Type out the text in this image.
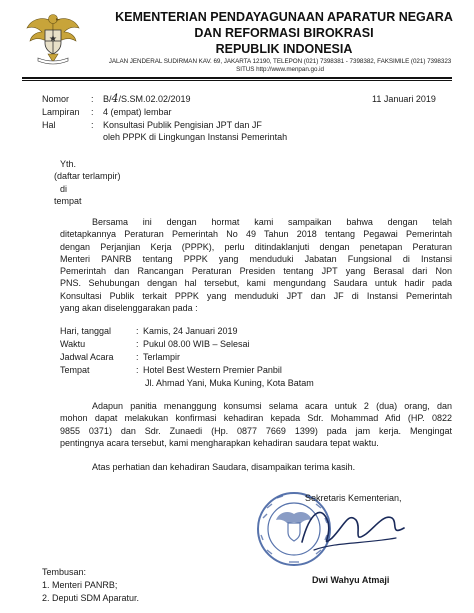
KEMENTERIAN PENDAYAGUNAAN APARATUR NEGARA
DAN REFORMASI BIROKRASI
REPUBLIK INDONESIA
JALAN JENDERAL SUDIRMAN KAV. 69, JAKARTA 12190, TELEPON (021) 7398381 - 7398382, FAKSIMILE (021) 7398323
SITUS http://www.menpan.go.id
11 Januari 2019
Nomor : B/4/S.SM.02.02/2019
Lampiran : 4 (empat) lembar
Hal	: Konsultasi Publik Pengisian JPT dan JF
oleh PPPK di Lingkungan Instansi Pemerintah
Yth.
(daftar terlampir)
di
tempat
Bersama ini dengan hormat kami sampaikan bahwa dengan telah
ditetapkannya Peraturan Pemerintah No 49 Tahun 2018 tentang Pegawai Pemerintah
dengan Perjanjian Kerja (PPPK), perlu ditindaklanjuti dengan penetapan Peraturan
Menteri PANRB tentang PPPK yang menduduki Jabatan Fungsional di Instansi
Pemerintah dan Rancangan Peraturan Presiden tentang JPT yang Berasal dari Non
PNS. Sehubungan dengan hal tersebut, kami mengundang Saudara untuk hadir pada
Konsultasi Publik terkait PPPK yang menduduki JPT dan JF di Instansi Pemerintah
yang akan diselenggarakan pada :
Hari, tanggal	: Kamis, 24 Januari 2019
Waktu	: Pukul 08.00 WIB – Selesai
Jadwal Acara : Terlampir
Tempat	: Hotel Best Western Premier Panbil
Jl. Ahmad Yani, Muka Kuning, Kota Batam
Adapun panitia menanggung konsumsi selama acara untuk 2 (dua) orang, dan
mohon dapat melakukan konfirmasi kehadiran kepada Sdr. Mohammad Afid (HP. 0822
9855 0371) dan Sdr. Zunaedi (Hp. 0877 7669 1399) pada jam kerja. Mengingat
pentingnya acara tersebut, kami mengharapkan kehadiran saudara tepat waktu.
Atas perhatian dan kehadiran Saudara, disampaikan terima kasih.
Sekretaris Kementerian,
Dwi Wahyu Atmaji
Tembusan:
1. Menteri PANRB;
2. Deputi SDM Aparatur.
